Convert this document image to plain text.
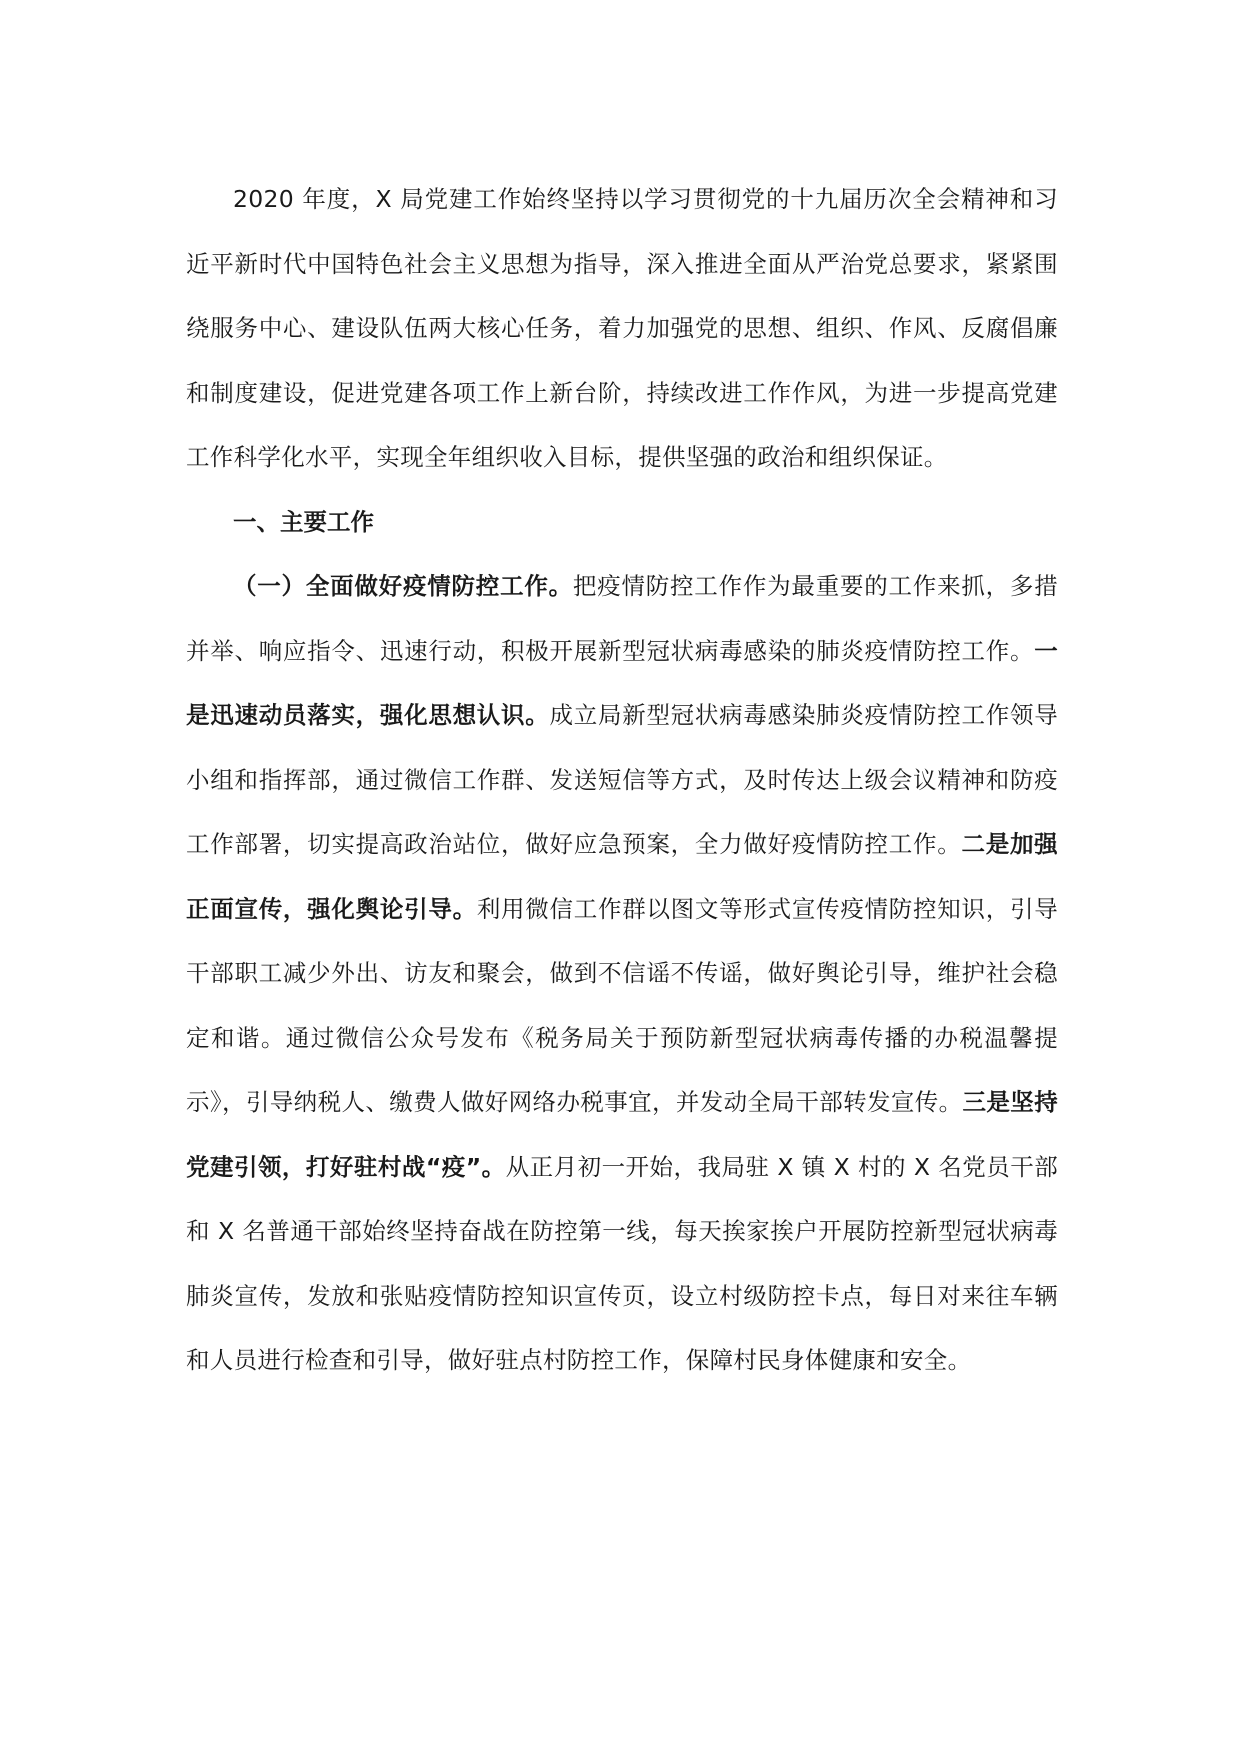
2020 年度，X 局党建工作始终坚持以学习贯彻党的十九届历次全会精神和习近平新时代中国特色社会主义思想为指导，深入推进全面从严治党总要求，紧紧围绕服务中心、建设队伍两大核心任务，着力加强党的思想、组织、作风、反腐倡廉和制度建设，促进党建各项工作上新台阶，持续改进工作作风，为进一步提高党建工作科学化水平，实现全年组织收入目标，提供坚强的政治和组织保证。

一、主要工作

（一）全面做好疫情防控工作。把疫情防控工作作为最重要的工作来抓，多措并举、响应指令、迅速行动，积极开展新型冠状病毒感染的肺炎疫情防控工作。一是迅速动员落实，强化思想认识。成立局新型冠状病毒感染肺炎疫情防控工作领导小组和指挥部，通过微信工作群、发送短信等方式，及时传达上级会议精神和防疫工作部署，切实提高政治站位，做好应急预案，全力做好疫情防控工作。二是加强正面宣传，强化舆论引导。利用微信工作群以图文等形式宣传疫情防控知识，引导干部职工减少外出、访友和聚会，做到不信谣不传谣，做好舆论引导，维护社会稳定和谐。通过微信公众号发布《税务局关于预防新型冠状病毒传播的办税温馨提示》，引导纳税人、缴费人做好网络办税事宜，并发动全局干部转发宣传。三是坚持党建引领，打好驻村战“疫”。从正月初一开始，我局驻 X 镇 X 村的 X 名党员干部和 X 名普通干部始终坚持奋战在防控第一线，每天挨家挨户开展防控新型冠状病毒肺炎宣传，发放和张贴疫情防控知识宣传页，设立村级防控卡点，每日对来往车辆和人员进行检查和引导，做好驻点村防控工作，保障村民身体健康和安全。
